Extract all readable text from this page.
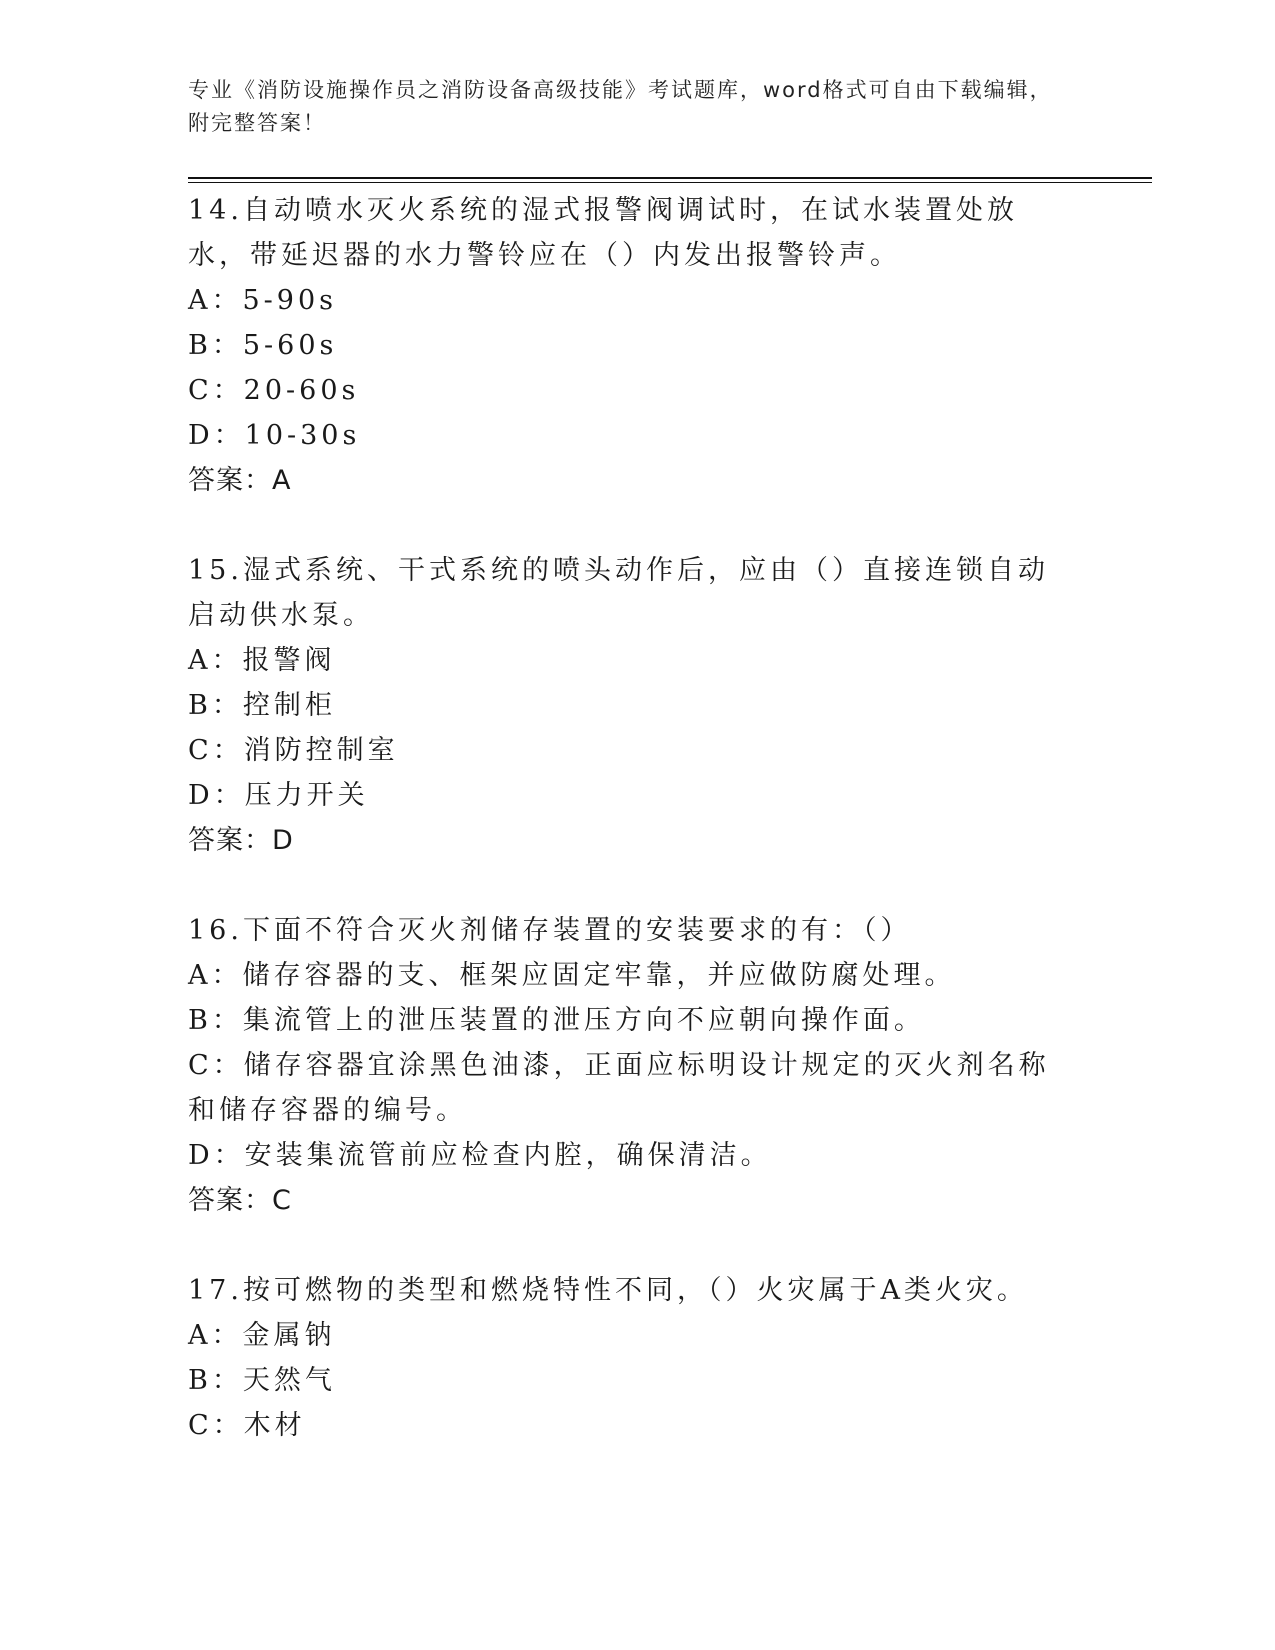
专业《消防设施操作员之消防设备高级技能》考试题库，word格式可自由下载编辑，附完整答案！
14.自动喷水灭火系统的湿式报警阀调试时，在试水装置处放水，带延迟器的水力警铃应在（）内发出报警铃声。
A：5-90s
B：5-60s
C：20-60s
D：10-30s
答案：A
15.湿式系统、干式系统的喷头动作后，应由（）直接连锁自动启动供水泵。
A：报警阀
B：控制柜
C：消防控制室
D：压力开关
答案：D
16.下面不符合灭火剂储存装置的安装要求的有：（）
A：储存容器的支、框架应固定牢靠，并应做防腐处理。
B：集流管上的泄压装置的泄压方向不应朝向操作面。
C：储存容器宜涂黑色油漆，正面应标明设计规定的灭火剂名称和储存容器的编号。
D：安装集流管前应检查内腔，确保清洁。
答案：C
17.按可燃物的类型和燃烧特性不同，（）火灾属于A类火灾。
A：金属钠
B：天然气
C：木材
